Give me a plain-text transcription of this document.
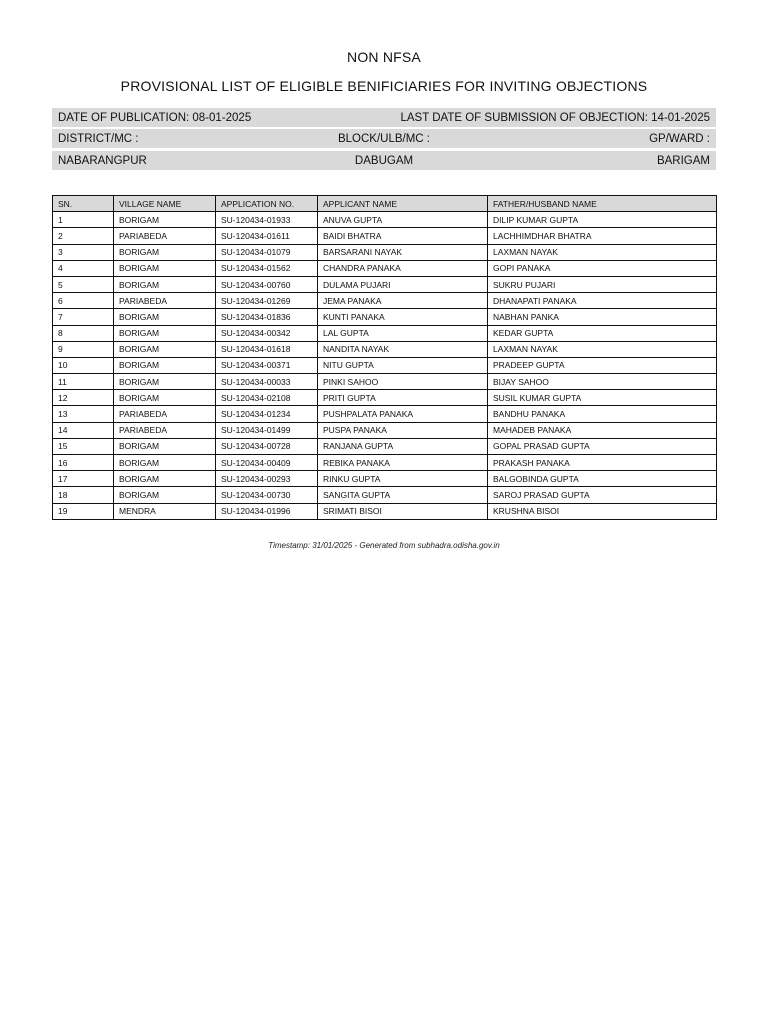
NON NFSA
PROVISIONAL LIST OF ELIGIBLE BENIFICIARIES FOR INVITING OBJECTIONS
DATE OF PUBLICATION: 08-01-2025	LAST DATE OF SUBMISSION OF OBJECTION: 14-01-2025
DISTRICT/MC :	BLOCK/ULB/MC :	GP/WARD :
NABARANGPUR	DABUGAM	BARIGAM
SN.	VILLAGE NAME	APPLICATION NO.	APPLICANT NAME	FATHER/HUSBAND NAME
1	BORIGAM	SU-120434-01933	ANUVA GUPTA	DILIP KUMAR GUPTA
2	PARIABEDA	SU-120434-01611	BAIDI BHATRA	LACHHIMDHAR BHATRA
3	BORIGAM	SU-120434-01079	BARSARANI NAYAK	LAXMAN NAYAK
4	BORIGAM	SU-120434-01562	CHANDRA PANAKA	GOPI PANAKA
5	BORIGAM	SU-120434-00760	DULAMA PUJARI	SUKRU PUJARI
6	PARIABEDA	SU-120434-01269	JEMA PANAKA	DHANAPATI PANAKA
7	BORIGAM	SU-120434-01836	KUNTI PANAKA	NABHAN PANKA
8	BORIGAM	SU-120434-00342	LAL GUPTA	KEDAR GUPTA
9	BORIGAM	SU-120434-01618	NANDITA NAYAK	LAXMAN NAYAK
10	BORIGAM	SU-120434-00371	NITU GUPTA	PRADEEP GUPTA
11	BORIGAM	SU-120434-00033	PINKI SAHOO	BIJAY SAHOO
12	BORIGAM	SU-120434-02108	PRITI GUPTA	SUSIL KUMAR GUPTA
13	PARIABEDA	SU-120434-01234	PUSHPALATA PANAKA	BANDHU PANAKA
14	PARIABEDA	SU-120434-01499	PUSPA PANAKA	MAHADEB PANAKA
15	BORIGAM	SU-120434-00728	RANJANA GUPTA	GOPAL PRASAD GUPTA
16	BORIGAM	SU-120434-00409	REBIKA PANAKA	PRAKASH PANAKA
17	BORIGAM	SU-120434-00293	RINKU GUPTA	BALGOBINDA GUPTA
18	BORIGAM	SU-120434-00730	SANGITA GUPTA	SAROJ PRASAD GUPTA
19	MENDRA	SU-120434-01996	SRIMATI BISOI	KRUSHNA BISOI
Timestamp: 31/01/2025 - Generated from subhadra.odisha.gov.in
